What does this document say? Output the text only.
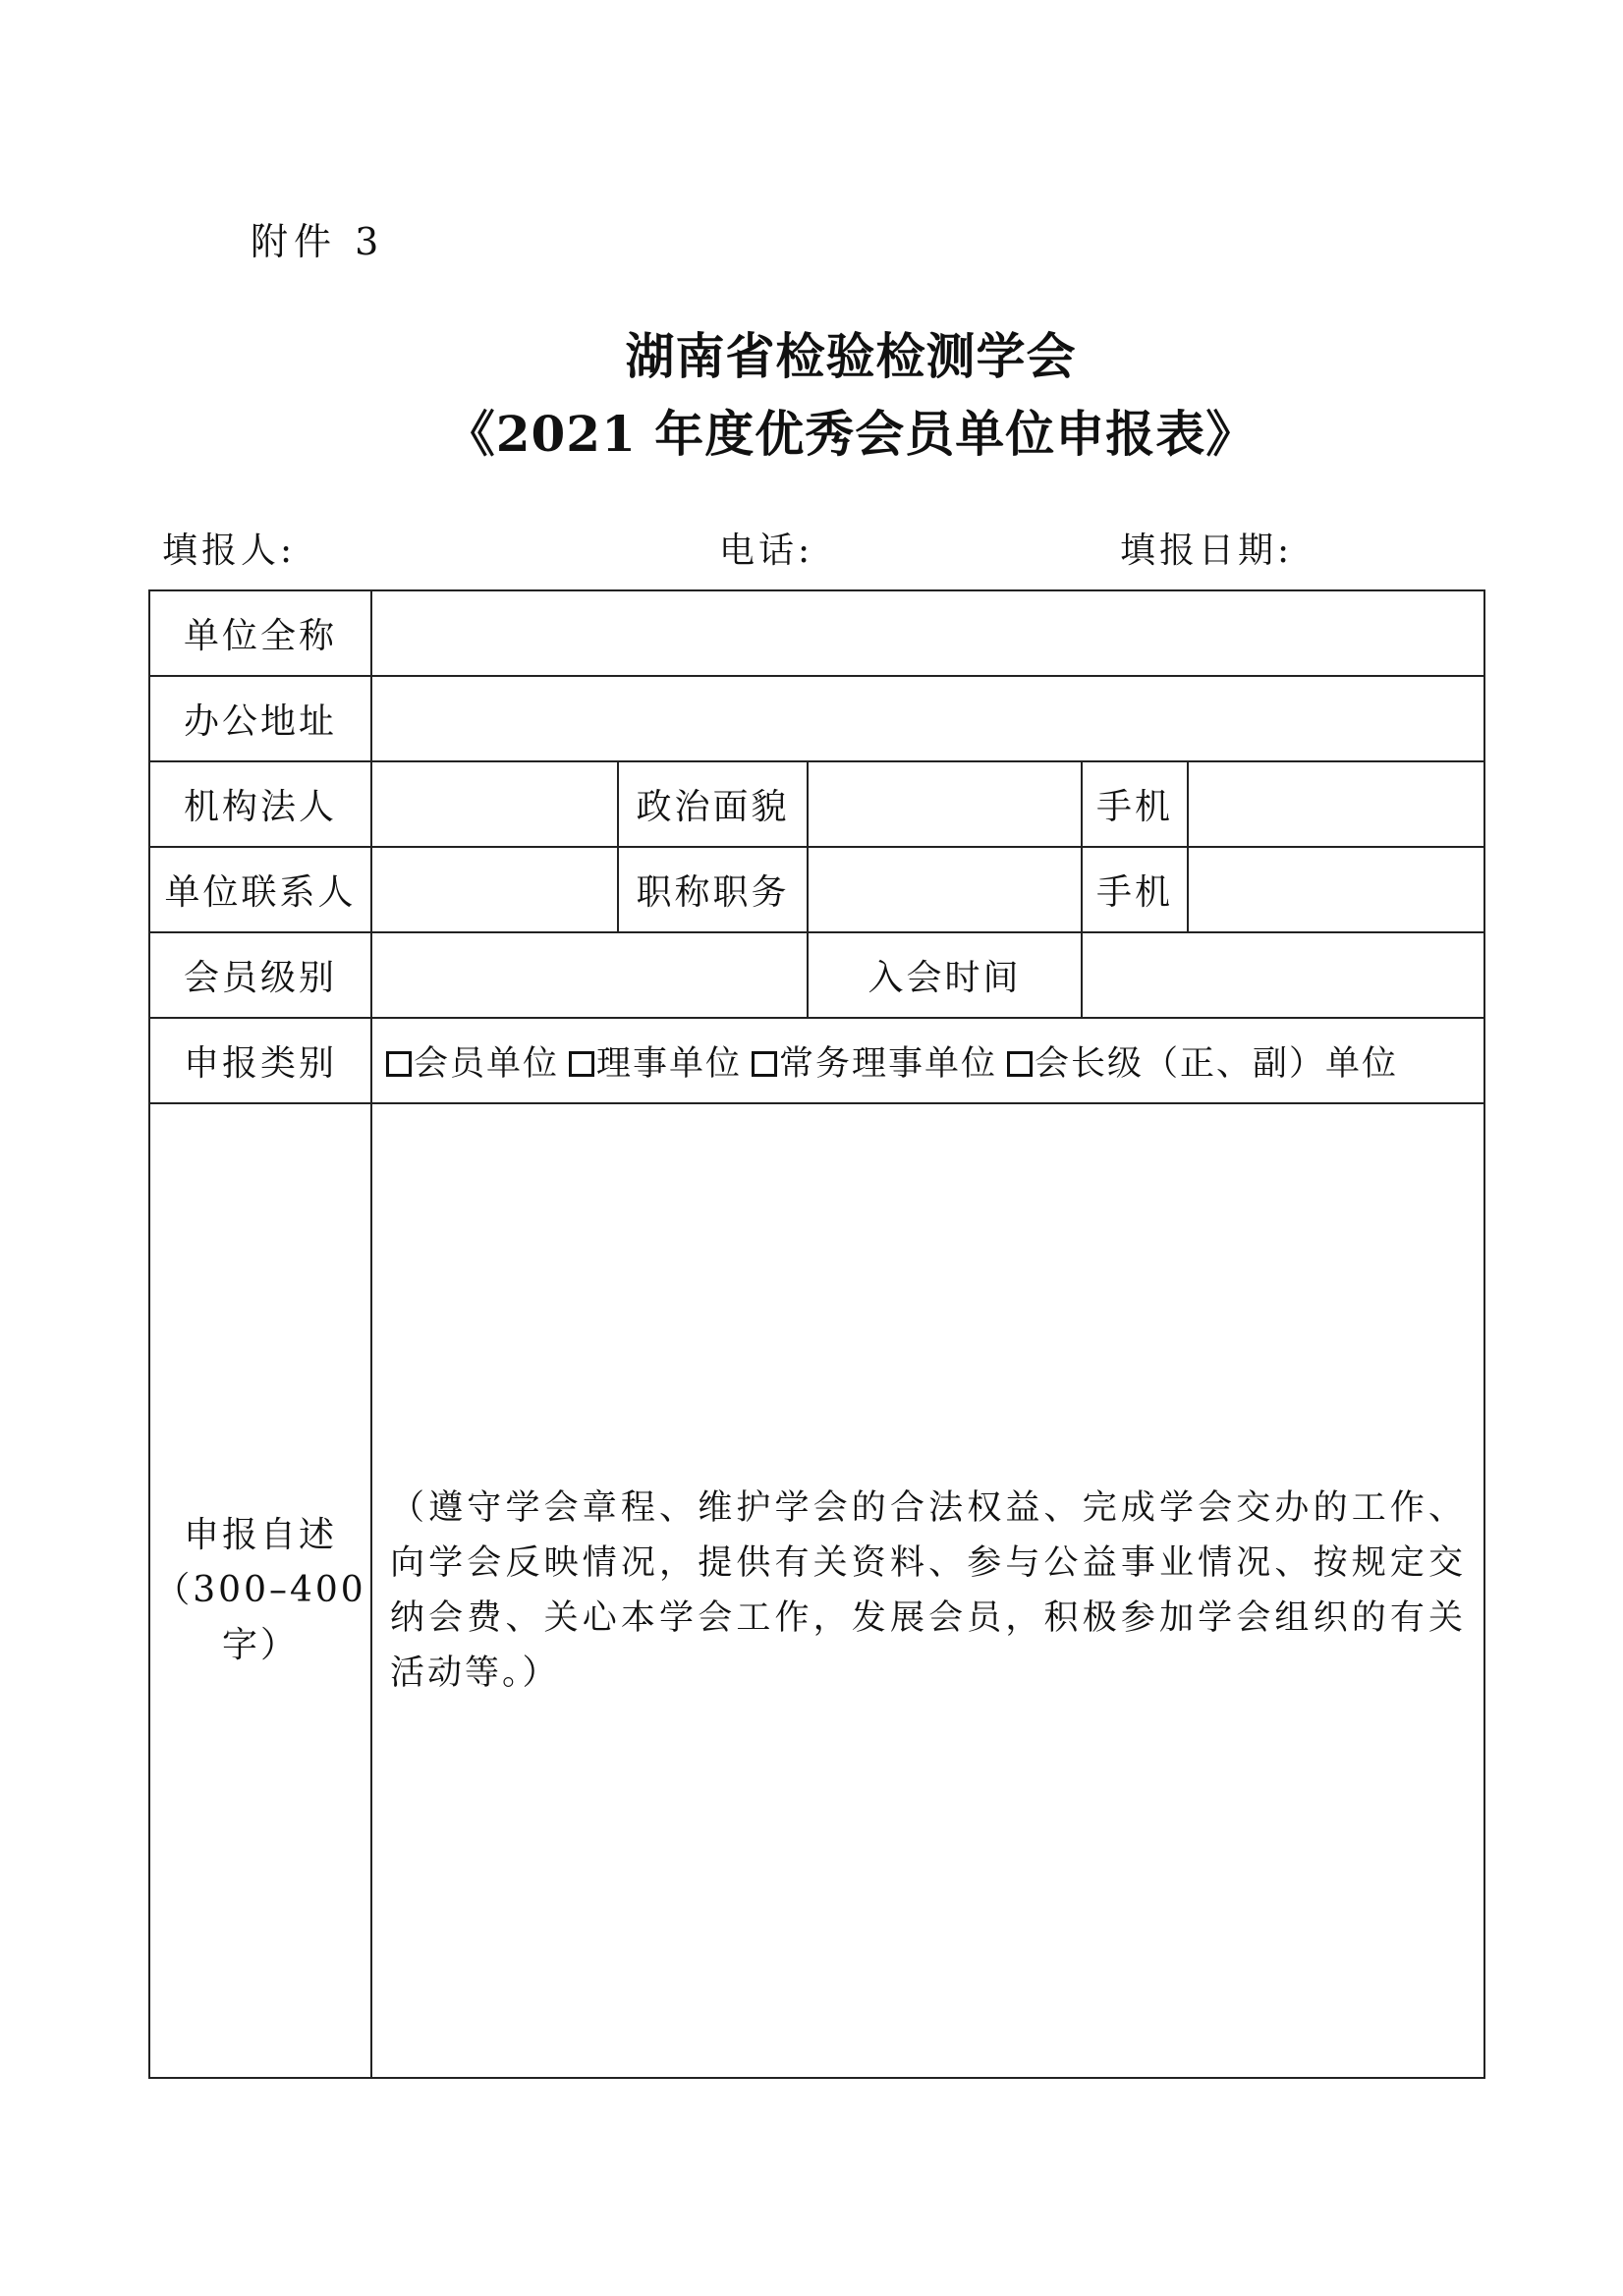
附件 3
湖南省检验检测学会
《2021 年度优秀会员单位申报表》
填报人:	电话:	填报日期:
单位全称					
办公地址					
机构法人		政治面貌		手机	
单位联系人		职称职务		手机	
会员级别			入会时间		
申报类别	会员单位 理事单位 常务理事单位 会长级（正、副）单位				

申报自述
（300–400
字）	（遵守学会章程、维护学会的合法权益、完成学会交办的工作、向学会反映情况，提供有关资料、参与公益事业情况、按规定交纳会费、关心本学会工作，发展会员，积极参加学会组织的有关活动等。）				
